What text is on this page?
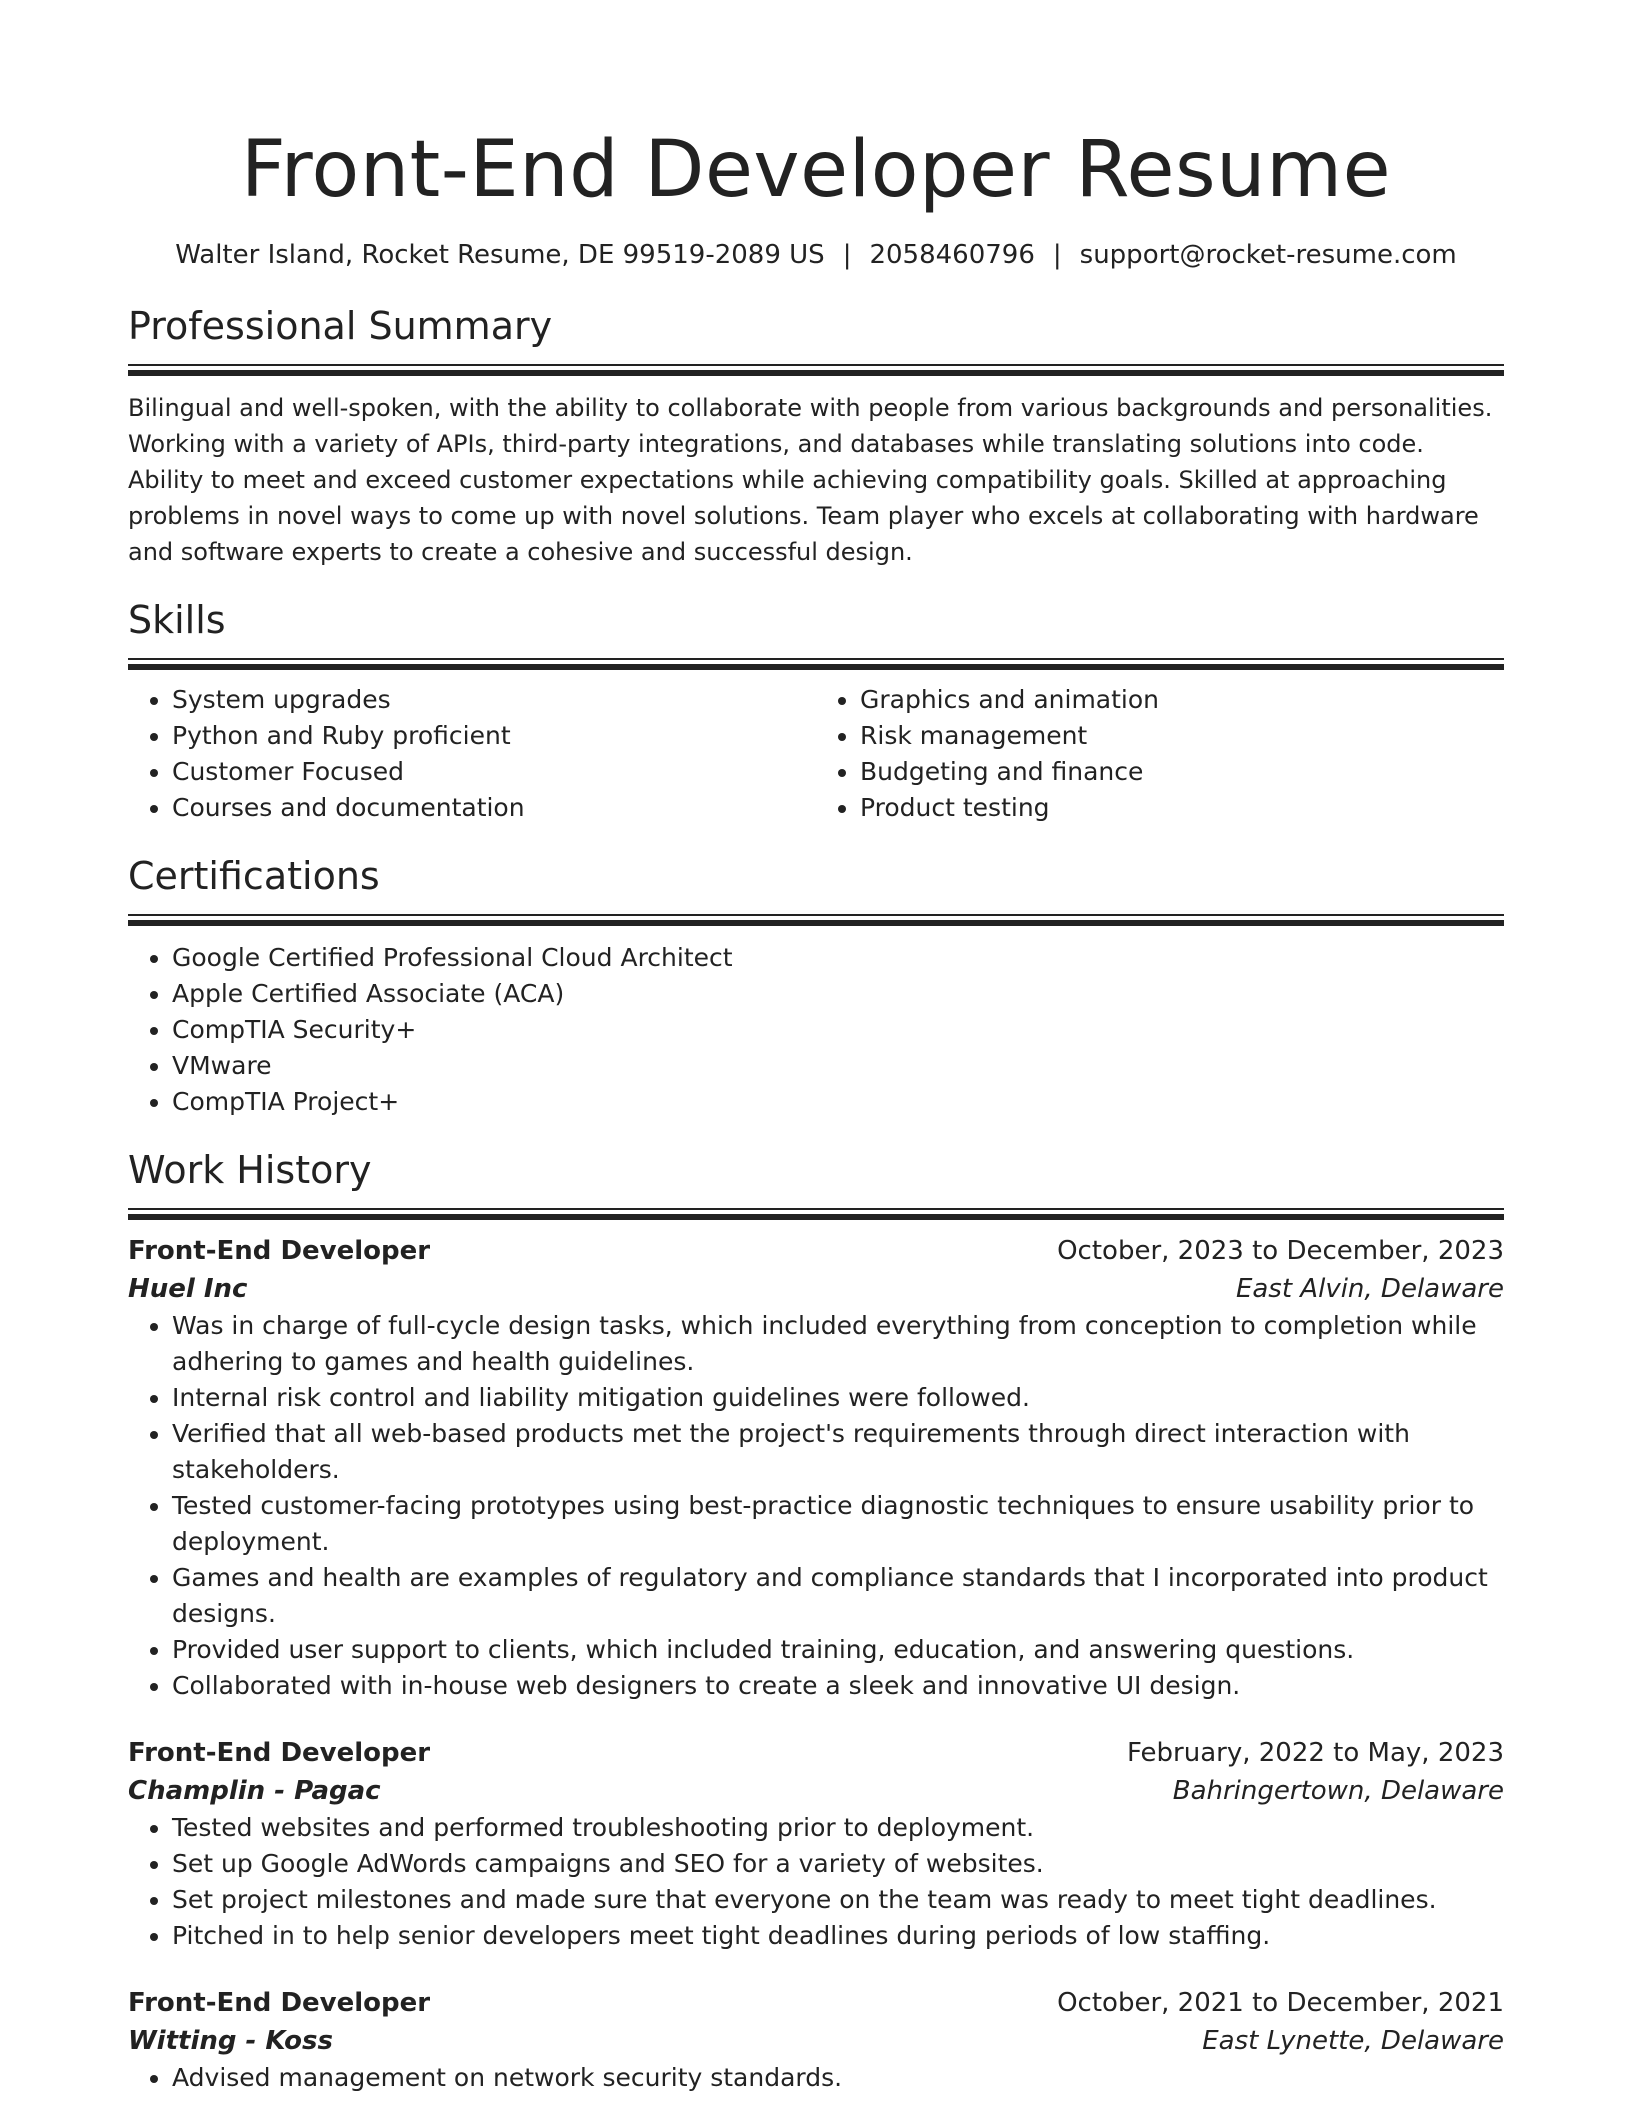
Front-End Developer Resume
Walter Island, Rocket Resume, DE 99519-2089 US | 2058460796 | support@rocket-resume.com
Professional Summary

Bilingual and well-spoken, with the ability to collaborate with people from various backgrounds and personalities. Working with a variety of APIs, third-party integrations, and databases while translating solutions into code. Ability to meet and exceed customer expectations while achieving compatibility goals. Skilled at approaching problems in novel ways to come up with novel solutions. Team player who excels at collaborating with hardware and software experts to create a cohesive and successful design.

Skills
• System upgrades
• Python and Ruby proficient
• Customer Focused
• Courses and documentation
• Graphics and animation
• Risk management
• Budgeting and finance
• Product testing
Certifications
• Google Certified Professional Cloud Architect
• Apple Certified Associate (ACA)
• CompTIA Security+
• VMware
• CompTIA Project+
Work History
Front-End Developer	October, 2023 to December, 2023
Huel Inc	East Alvin, Delaware
• Was in charge of full-cycle design tasks, which included everything from conception to completion while adhering to games and health guidelines.
• Internal risk control and liability mitigation guidelines were followed.
• Verified that all web-based products met the project's requirements through direct interaction with stakeholders.
• Tested customer-facing prototypes using best-practice diagnostic techniques to ensure usability prior to deployment.
• Games and health are examples of regulatory and compliance standards that I incorporated into product designs.
• Provided user support to clients, which included training, education, and answering questions.
• Collaborated with in-house web designers to create a sleek and innovative UI design.
Front-End Developer	February, 2022 to May, 2023
Champlin - Pagac	Bahringertown, Delaware
• Tested websites and performed troubleshooting prior to deployment.
• Set up Google AdWords campaigns and SEO for a variety of websites.
• Set project milestones and made sure that everyone on the team was ready to meet tight deadlines.
• Pitched in to help senior developers meet tight deadlines during periods of low staffing.
Front-End Developer	October, 2021 to December, 2021
Witting - Koss	East Lynette, Delaware
• Advised management on network security standards.
